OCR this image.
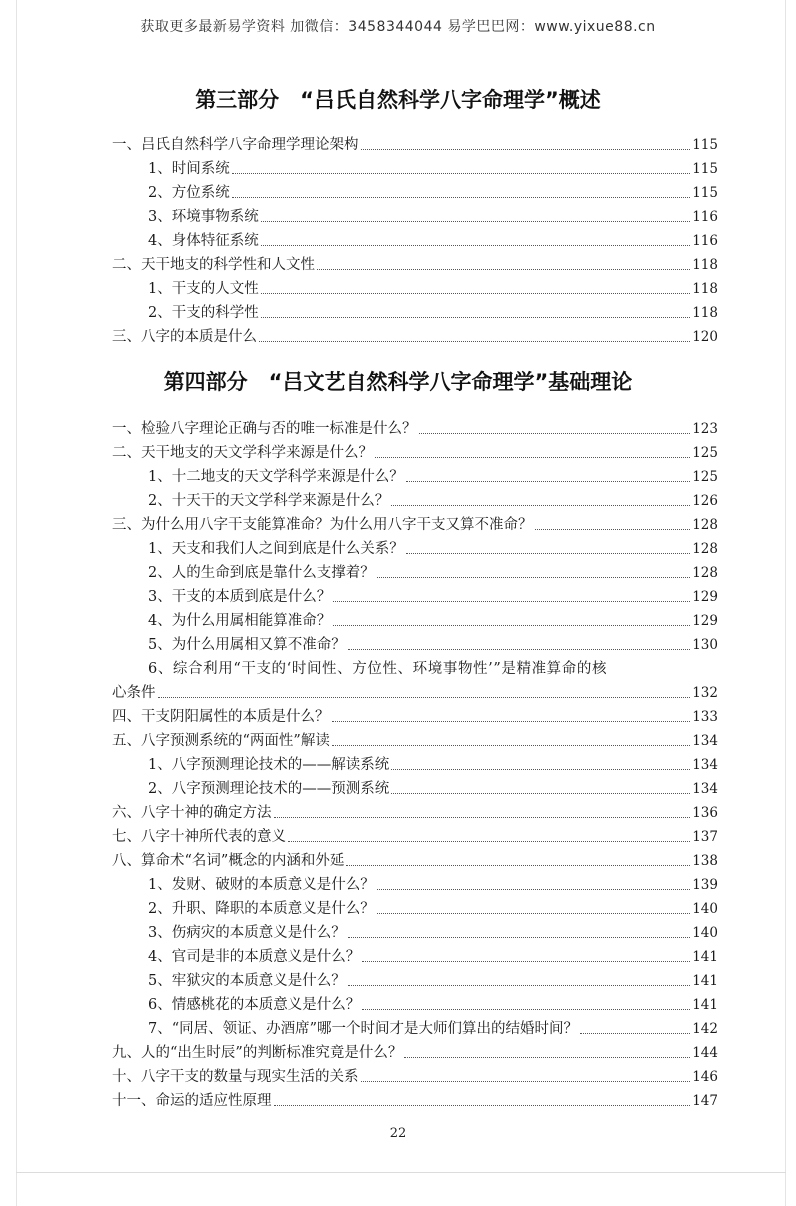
获取更多最新易学资料 加微信：3458344044 易学巴巴网：www.yixue88.cn
第三部分　“吕氏自然科学八字命理学”概述
一、吕氏自然科学八字命理学理论架构	115
1、时间系统	115
2、方位系统	115
3、环境事物系统	116
4、身体特征系统	116
二、天干地支的科学性和人文性	118
1、干支的人文性	118
2、干支的科学性	118
三、八字的本质是什么	120
第四部分　“吕文艺自然科学八字命理学”基础理论
一、检验八字理论正确与否的唯一标准是什么？	123
二、天干地支的天文学科学来源是什么？	125
1、十二地支的天文学科学来源是什么？	125
2、十天干的天文学科学来源是什么？	126
三、为什么用八字干支能算准命？为什么用八字干支又算不准命？	128
1、天支和我们人之间到底是什么关系？	128
2、人的生命到底是靠什么支撑着？	128
3、干支的本质到底是什么？	129
4、为什么用属相能算准命？	129
5、为什么用属相又算不准命？	130
6、综合利用“干支的‘时间性、方位性、环境事物性’”是精准算命的核
心条件	132
四、干支阴阳属性的本质是什么？	133
五、八字预测系统的“两面性”解读	134
1、八字预测理论技术的——解读系统	134
2、八字预测理论技术的——预测系统	134
六、八字十神的确定方法	136
七、八字十神所代表的意义	137
八、算命术“名词”概念的内涵和外延	138
1、发财、破财的本质意义是什么？	139
2、升职、降职的本质意义是什么？	140
3、伤病灾的本质意义是什么？	140
4、官司是非的本质意义是什么？	141
5、牢狱灾的本质意义是什么？	141
6、情感桃花的本质意义是什么？	141
7、“同居、领证、办酒席”哪一个时间才是大师们算出的结婚时间？	142
九、人的“出生时辰”的判断标准究竟是什么？	144
十、八字干支的数量与现实生活的关系	146
十一、命运的适应性原理	147
22
